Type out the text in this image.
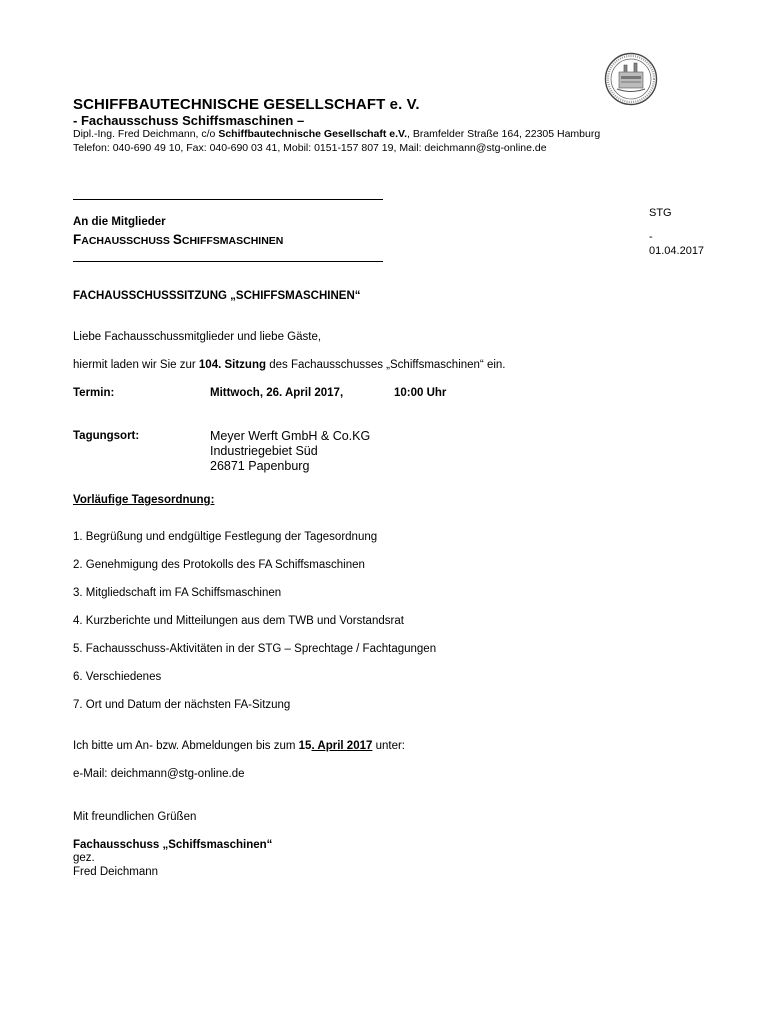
SCHIFFBAUTECHNISCHE GESELLSCHAFT e. V.
- Fachausschuss Schiffsmaschinen –
Dipl.-Ing. Fred Deichmann, c/o Schiffbautechnische Gesellschaft e.V., Bramfelder Straße 164, 22305 Hamburg
Telefon: 040-690 49 10, Fax: 040-690 03 41, Mobil: 0151-157 807 19, Mail: deichmann@stg-online.de
An die Mitglieder
FACHAUSSCHUSS SCHIFFSMASCHINEN
STG
-
01.04.2017
FACHAUSSCHUSSSITZUNG „SCHIFFSMASCHINEN“
Liebe Fachausschussmitglieder und liebe Gäste,
hiermit laden wir Sie zur 104. Sitzung des Fachausschusses „Schiffsmaschinen“ ein.
Termin:	Mittwoch, 26. April 2017,	10:00 Uhr
Tagungsort:	Meyer Werft GmbH & Co.KG
Industriegebiet Süd
26871 Papenburg
Vorläufige Tagesordnung:
1. Begrüßung und endgültige Festlegung der Tagesordnung
2. Genehmigung des Protokolls des FA Schiffsmaschinen
3. Mitgliedschaft im FA Schiffsmaschinen
4. Kurzberichte und Mitteilungen aus dem TWB und Vorstandsrat
5. Fachausschuss-Aktivitäten in der STG – Sprechtage / Fachtagungen
6. Verschiedenes
7. Ort und Datum der nächsten FA-Sitzung
Ich bitte um An- bzw. Abmeldungen bis zum 15. April 2017 unter:
e-Mail: deichmann@stg-online.de
Mit freundlichen Grüßen
Fachausschuss „Schiffsmaschinen“
gez.
Fred Deichmann
